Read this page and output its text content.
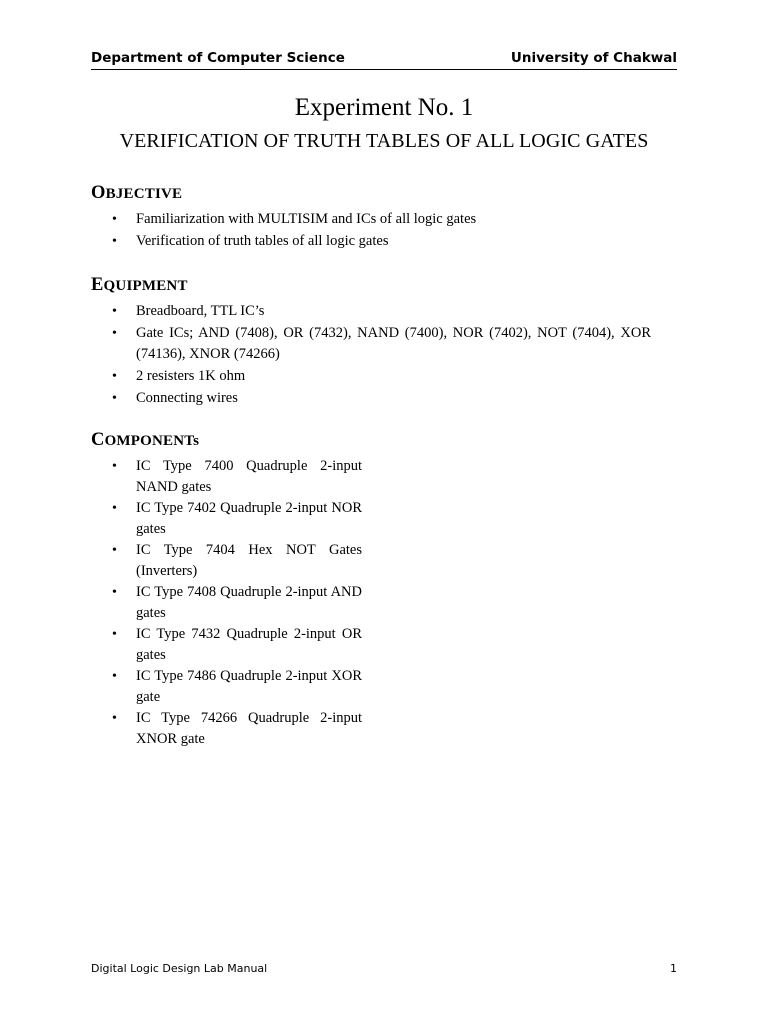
Department of Computer Science	University of Chakwal
Experiment No. 1
VERIFICATION OF TRUTH TABLES OF ALL LOGIC GATES
OBJECTIVE
• Familiarization with MULTISIM and ICs of all logic gates
• Verification of truth tables of all logic gates
EQUIPMENT
• Breadboard, TTL IC’s
• Gate ICs; AND (7408), OR (7432), NAND (7400), NOR (7402), NOT (7404), XOR (74136), XNOR (74266)
• 2 resisters 1K ohm
• Connecting wires
COMPONENTs
• IC Type 7400 Quadruple 2-input NAND gates
• IC Type 7402 Quadruple 2-input NOR gates
• IC Type 7404 Hex NOT Gates (Inverters)
• IC Type 7408 Quadruple 2-input AND gates
• IC Type 7432 Quadruple 2-input OR gates
• IC Type 7486 Quadruple 2-input XOR gate
• IC Type 74266 Quadruple 2-input XNOR gate
Digital Logic Design Lab Manual	1
